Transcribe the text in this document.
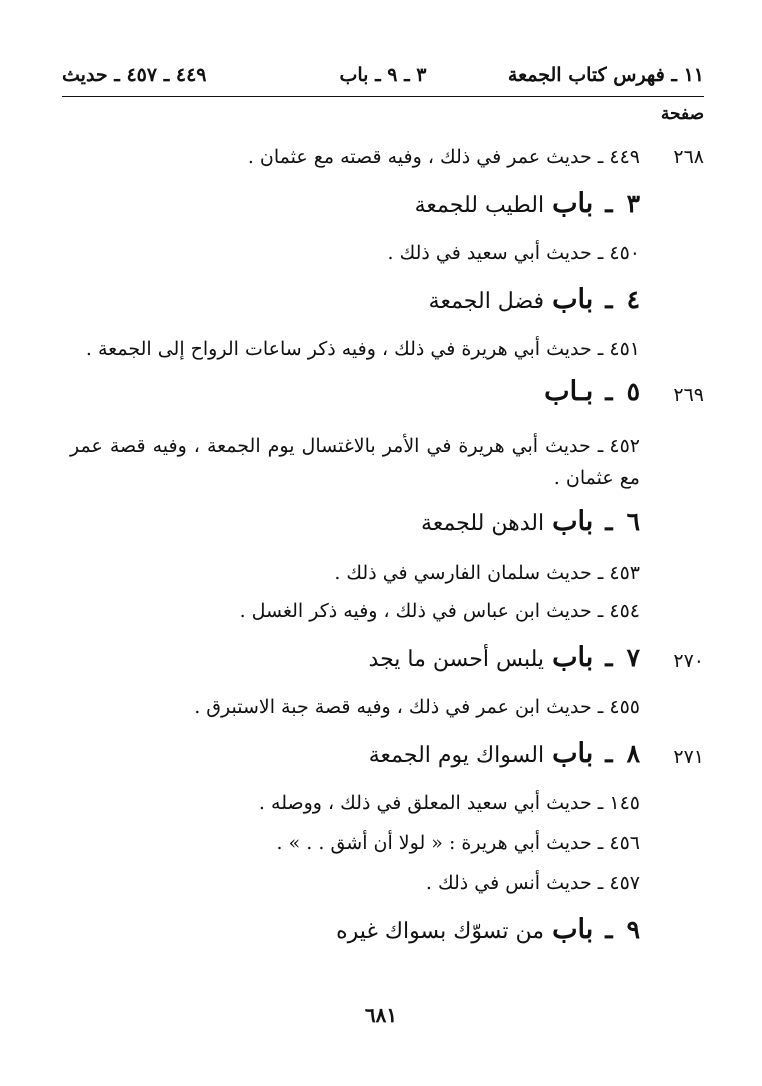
١١ ـ فهرس كتاب الجمعة
٣ ـ ٩ ـ باب
٤٤٩ ـ ٤٥٧ ـ حديث
صفحة
٢٦٨
٤٤٩ـ حديث عمر في ذلك ، وفيه قصته مع عثمان .
٣ـبابالطيب للجمعة
٤٥٠ـ حديث أبي سعيد في ذلك .
٤ـبابفضل الجمعة
٤٥١ـ حديث أبي هريرة في ذلك ، وفيه ذكر ساعات الرواح إلى الجمعة .
٢٦٩
٥ـبـاب
٤٥٢ـ حديث أبي هريرة في الأمر بالاغتسال يوم الجمعة ، وفيه قصة عمر مع عثمان .
٦ـبابالدهن للجمعة
٤٥٣ـ حديث سلمان الفارسي في ذلك .
٤٥٤ـ حديث ابن عباس في ذلك ، وفيه ذكر الغسل .
٢٧٠
٧ـبابيلبس أحسن ما يجد
٤٥٥ـ حديث ابن عمر في ذلك ، وفيه قصة جبة الاستبرق .
٢٧١
٨ـبابالسواك يوم الجمعة
١٤٥ـ حديث أبي سعيد المعلق في ذلك ، ووصله .
٤٥٦ـ حديث أبي هريرة : « لولا أن أشق . . » .
٤٥٧ـ حديث أنس في ذلك .
٩ـبابمن تسوّك بسواك غيره
٦٨١
